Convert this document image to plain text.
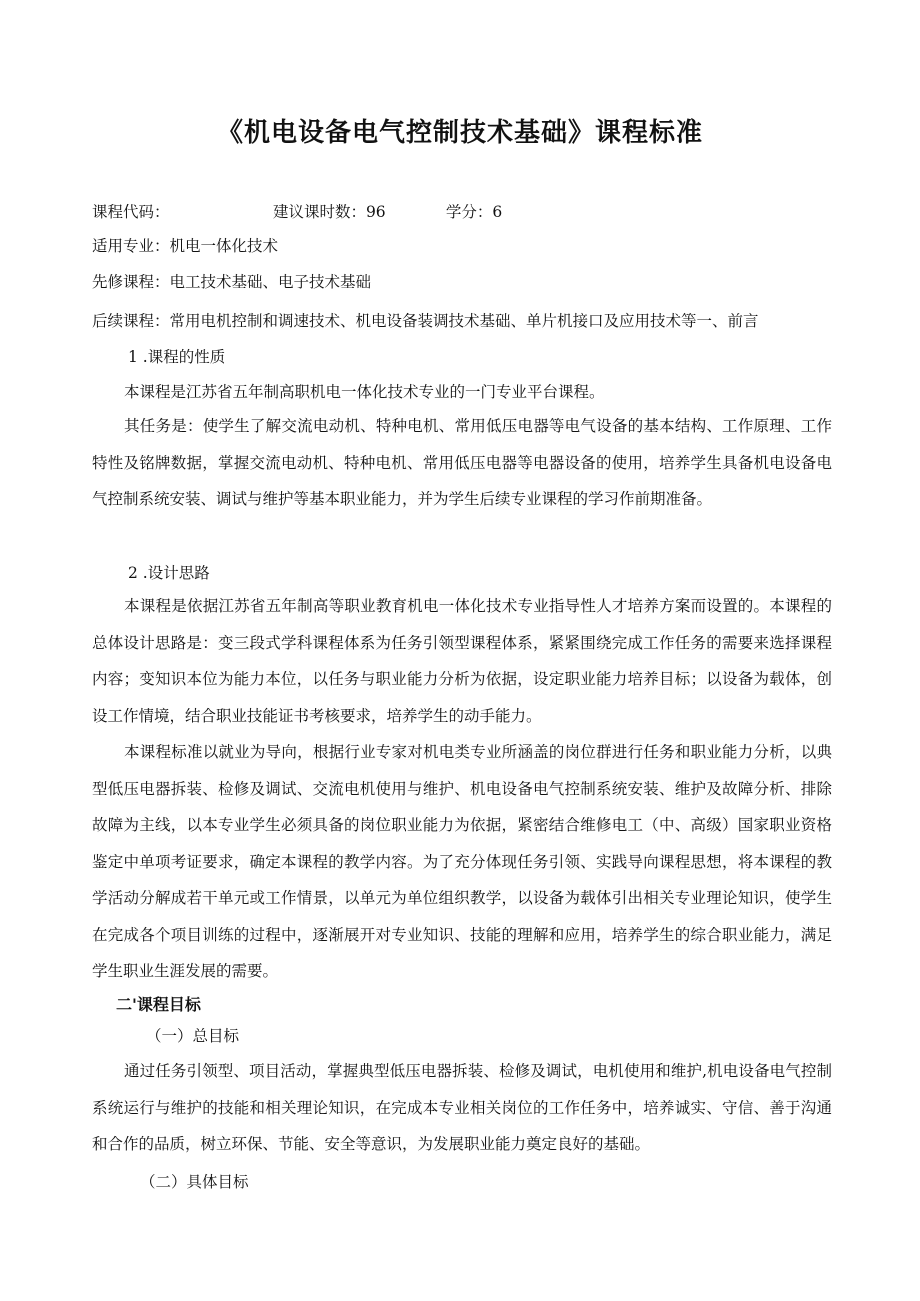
《机电设备电气控制技术基础》课程标准
课程代码：	建议课时数：96	学分：6
适用专业：机电一体化技术
先修课程：电工技术基础、电子技术基础
后续课程：常用电机控制和调速技术、机电设备装调技术基础、单片机接口及应用技术等一、前言
1 .课程的性质
本课程是江苏省五年制高职机电一体化技术专业的一门专业平台课程。
其任务是：使学生了解交流电动机、特种电机、常用低压电器等电气设备的基本结构、工作原理、工作特性及铭牌数据，掌握交流电动机、特种电机、常用低压电器等电器设备的使用，培养学生具备机电设备电气控制系统安装、调试与维护等基本职业能力，并为学生后续专业课程的学习作前期准备。
2 .设计思路
本课程是依据江苏省五年制高等职业教育机电一体化技术专业指导性人才培养方案而设置的。本课程的总体设计思路是：变三段式学科课程体系为任务引领型课程体系，紧紧围绕完成工作任务的需要来选择课程内容；变知识本位为能力本位，以任务与职业能力分析为依据，设定职业能力培养目标；以设备为载体，创设工作情境，结合职业技能证书考核要求，培养学生的动手能力。
本课程标准以就业为导向，根据行业专家对机电类专业所涵盖的岗位群进行任务和职业能力分析，以典型低压电器拆装、检修及调试、交流电机使用与维护、机电设备电气控制系统安装、维护及故障分析、排除故障为主线，以本专业学生必须具备的岗位职业能力为依据，紧密结合维修电工（中、高级）国家职业资格鉴定中单项考证要求，确定本课程的教学内容。为了充分体现任务引领、实践导向课程思想，将本课程的教学活动分解成若干单元或工作情景，以单元为单位组织教学，以设备为载体引出相关专业理论知识，使学生在完成各个项目训练的过程中，逐渐展开对专业知识、技能的理解和应用，培养学生的综合职业能力，满足学生职业生涯发展的需要。
二'课程目标
（一）总目标
通过任务引领型、项目活动，掌握典型低压电器拆装、检修及调试，电机使用和维护,机电设备电气控制系统运行与维护的技能和相关理论知识，在完成本专业相关岗位的工作任务中，培养诚实、守信、善于沟通和合作的品质，树立环保、节能、安全等意识，为发展职业能力奠定良好的基础。
（二）具体目标
